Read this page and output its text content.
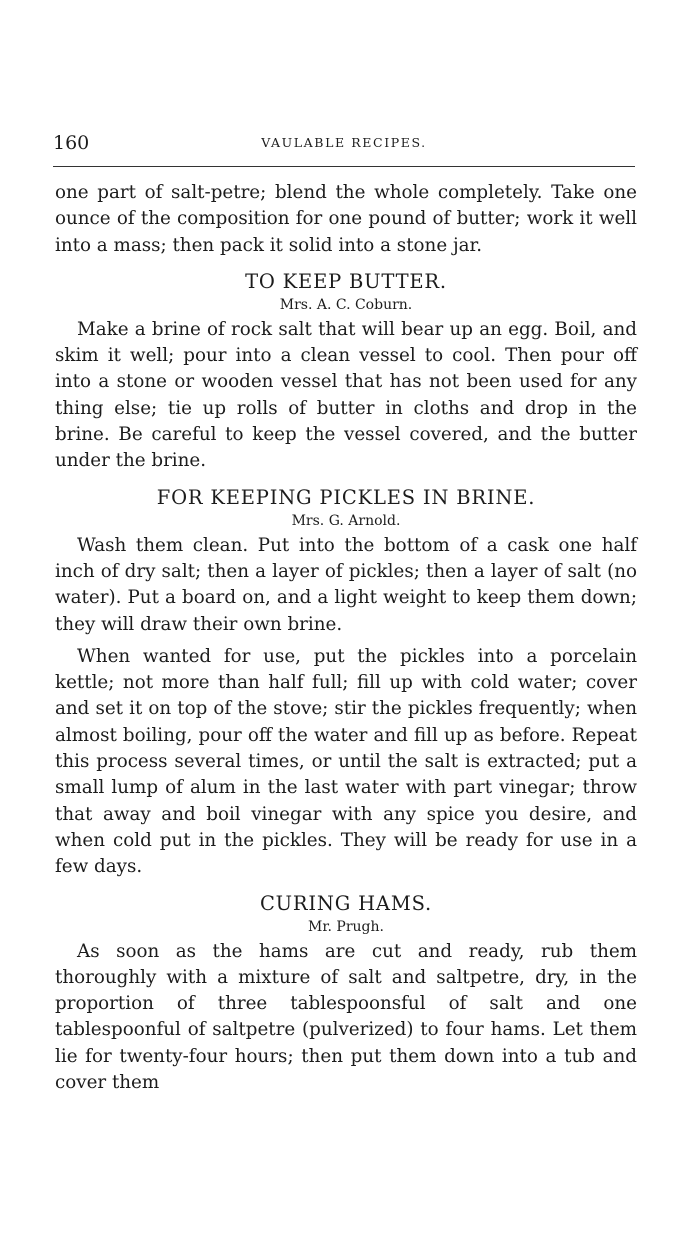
160	VAULABLE RECIPES.

one part of salt-petre; blend the whole completely. Take one ounce of the composition for one pound of butter; work it well into a mass; then pack it solid into a stone jar.

TO KEEP BUTTER.
Mrs. A. C. Coburn.

Make a brine of rock salt that will bear up an egg. Boil, and skim it well; pour into a clean vessel to cool. Then pour off into a stone or wooden vessel that has not been used for any thing else; tie up rolls of butter in cloths and drop in the brine. Be careful to keep the vessel covered, and the butter under the brine.

FOR KEEPING PICKLES IN BRINE.
Mrs. G. Arnold.

Wash them clean. Put into the bottom of a cask one half inch of dry salt; then a layer of pickles; then a layer of salt (no water). Put a board on, and a light weight to keep them down; they will draw their own brine.

When wanted for use, put the pickles into a porcelain kettle; not more than half full; fill up with cold water; cover and set it on top of the stove; stir the pickles frequently; when almost boiling, pour off the water and fill up as before. Repeat this process several times, or until the salt is extracted; put a small lump of alum in the last water with part vinegar; throw that away and boil vinegar with any spice you desire, and when cold put in the pickles. They will be ready for use in a few days.

CURING HAMS.
Mr. Prugh.

As soon as the hams are cut and ready, rub them thoroughly with a mixture of salt and saltpetre, dry, in the proportion of three tablespoonsful of salt and one tablespoonful of saltpetre (pulverized) to four hams. Let them lie for twenty-four hours; then put them down into a tub and cover them
